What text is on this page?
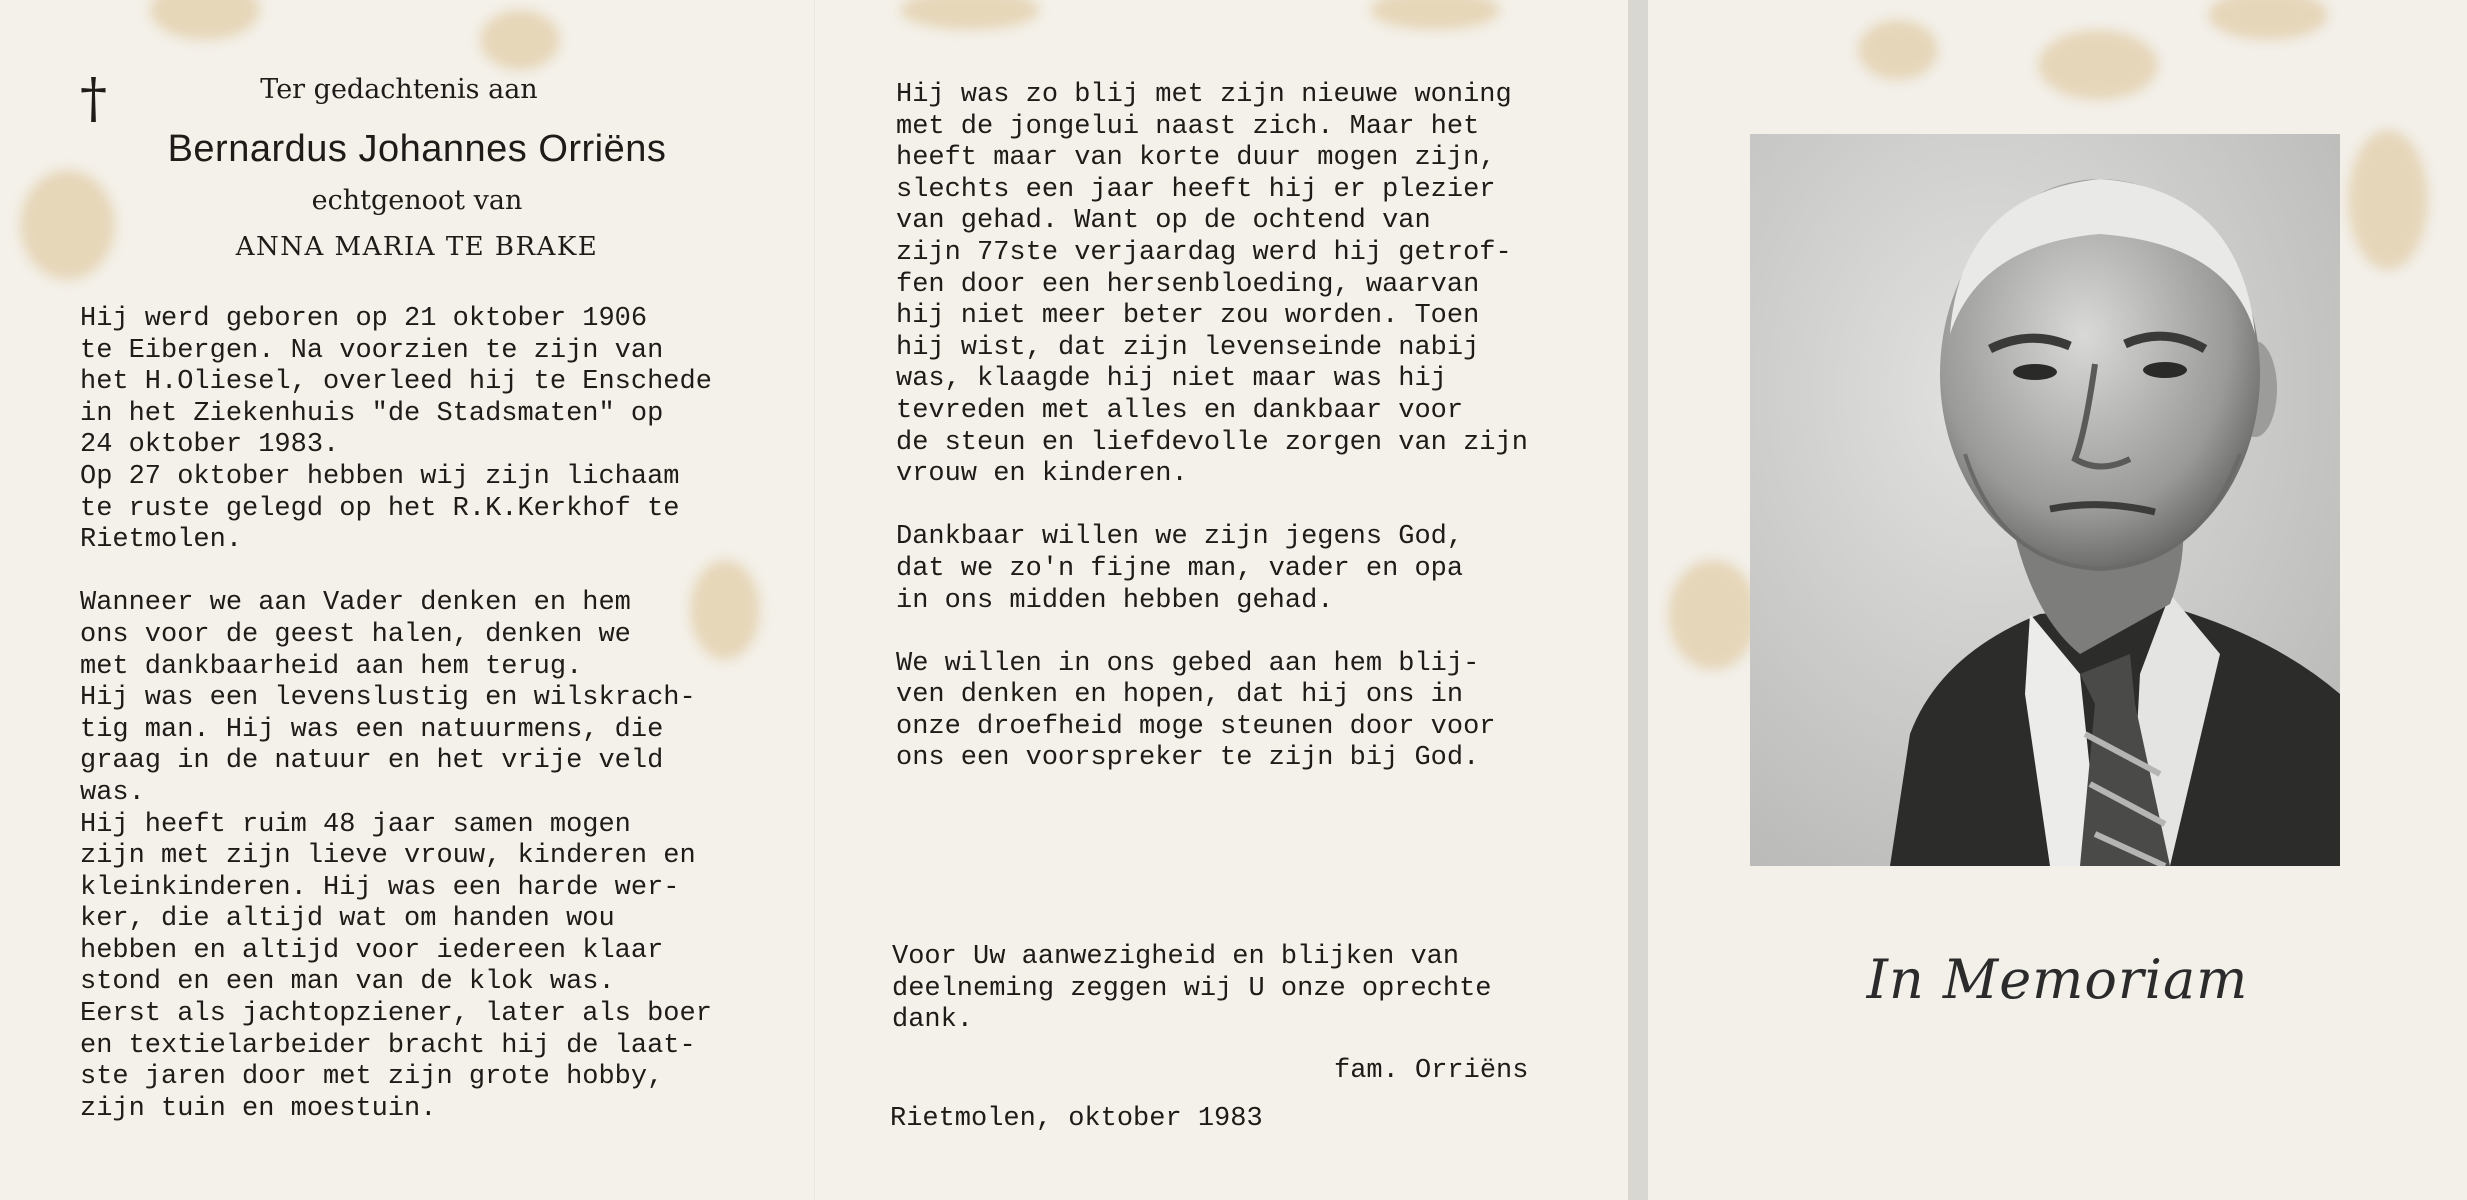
†	Ter gedachtenis aan
Bernardus Johannes Orriëns
echtgenoot van
ANNA MARIA TE BRAKE
Hij werd geboren op 21 oktober 1906
te Eibergen. Na voorzien te zijn van
het H.Oliesel, overleed hij te Enschede
in het Ziekenhuis "de Stadsmaten" op
24 oktober 1983.
Op 27 oktober hebben wij zijn lichaam
te ruste gelegd op het R.K.Kerkhof te
Rietmolen.

Wanneer we aan Vader denken en hem
ons voor de geest halen, denken we
met dankbaarheid aan hem terug.
Hij was een levenslustig en wilskrach-
tig man. Hij was een natuurmens, die
graag in de natuur en het vrije veld
was.
Hij heeft ruim 48 jaar samen mogen
zijn met zijn lieve vrouw, kinderen en
kleinkinderen. Hij was een harde wer-
ker, die altijd wat om handen wou
hebben en altijd voor iedereen klaar
stond en een man van de klok was.
Eerst als jachtopziener, later als boer
en textielarbeider bracht hij de laat-
ste jaren door met zijn grote hobby,
zijn tuin en moestuin.
Hij was zo blij met zijn nieuwe woning
met de jongelui naast zich. Maar het
heeft maar van korte duur mogen zijn,
slechts een jaar heeft hij er plezier
van gehad. Want op de ochtend van
zijn 77ste verjaardag werd hij getrof-
fen door een hersenbloeding, waarvan
hij niet meer beter zou worden. Toen
hij wist, dat zijn levenseinde nabij
was, klaagde hij niet maar was hij
tevreden met alles en dankbaar voor
de steun en liefdevolle zorgen van zijn
vrouw en kinderen.

Dankbaar willen we zijn jegens God,
dat we zo'n fijne man, vader en opa
in ons midden hebben gehad.

We willen in ons gebed aan hem blij-
ven denken en hopen, dat hij ons in
onze droefheid moge steunen door voor
ons een voorspreker te zijn bij God.
Voor Uw aanwezigheid en blijken van
deelneming zeggen wij U onze oprechte
dank.
fam. Orriëns
Rietmolen, oktober 1983
In Memoriam
